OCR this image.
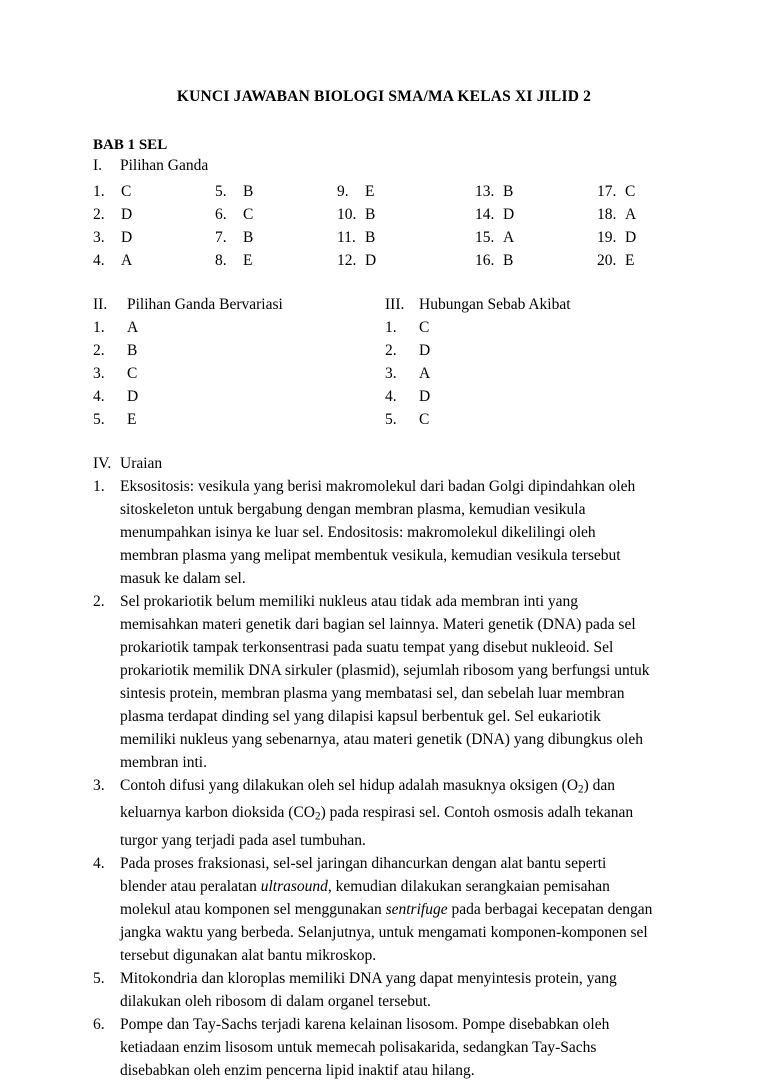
KUNCI JAWABAN BIOLOGI SMA/MA KELAS XI JILID 2
BAB 1 SEL
I.	Pilihan Ganda
1.	C	5.	B	9.	E	13. B	17. C
2.	D	6.	C	10. B	14. D	18. A
3.	D	7.	B	11. B	15. A	19. D
4.	A	8.	E	12. D	16. B	20. E
II.	Pilihan Ganda Bervariasi
1.	A
2.	B
3.	C
4.	D
5.	E
III. Hubungan Sebab Akibat
1.	C
2.	D
3.	A
4.	D
5.	C
IV. Uraian
1. Eksositosis: vesikula yang berisi makromolekul dari badan Golgi dipindahkan oleh sitoskeleton untuk bergabung dengan membran plasma, kemudian vesikula menumpahkan isinya ke luar sel. Endositosis: makromolekul dikelilingi oleh membran plasma yang melipat membentuk vesikula, kemudian vesikula tersebut masuk ke dalam sel.
2. Sel prokariotik belum memiliki nukleus atau tidak ada membran inti yang memisahkan materi genetik dari bagian sel lainnya. Materi genetik (DNA) pada sel prokariotik tampak terkonsentrasi pada suatu tempat yang disebut nukleoid. Sel prokariotik memilik DNA sirkuler (plasmid), sejumlah ribosom yang berfungsi untuk sintesis protein, membran plasma yang membatasi sel, dan sebelah luar membran plasma terdapat dinding sel yang dilapisi kapsul berbentuk gel. Sel eukariotik memiliki nukleus yang sebenarnya, atau materi genetik (DNA) yang dibungkus oleh membran inti.
3. Contoh difusi yang dilakukan oleh sel hidup adalah masuknya oksigen $(O_2)$ dan keluarnya karbon dioksida $(CO_2)$ pada respirasi sel. Contoh osmosis adalh tekanan turgor yang terjadi pada asel tumbuhan.
4. Pada proses fraksionasi, sel-sel jaringan dihancurkan dengan alat bantu seperti blender atau peralatan ultrasound, kemudian dilakukan serangkaian pemisahan molekul atau komponen sel menggunakan sentrifuge pada berbagai kecepatan dengan jangka waktu yang berbeda. Selanjutnya, untuk mengamati komponen-komponen sel tersebut digunakan alat bantu mikroskop.
5. Mitokondria dan kloroplas memiliki DNA yang dapat menyintesis protein, yang dilakukan oleh ribosom di dalam organel tersebut.
6. Pompe dan Tay-Sachs terjadi karena kelainan lisosom. Pompe disebabkan oleh ketiadaan enzim lisosom untuk memecah polisakarida, sedangkan Tay-Sachs disebabkan oleh enzim pencerna lipid inaktif atau hilang.
